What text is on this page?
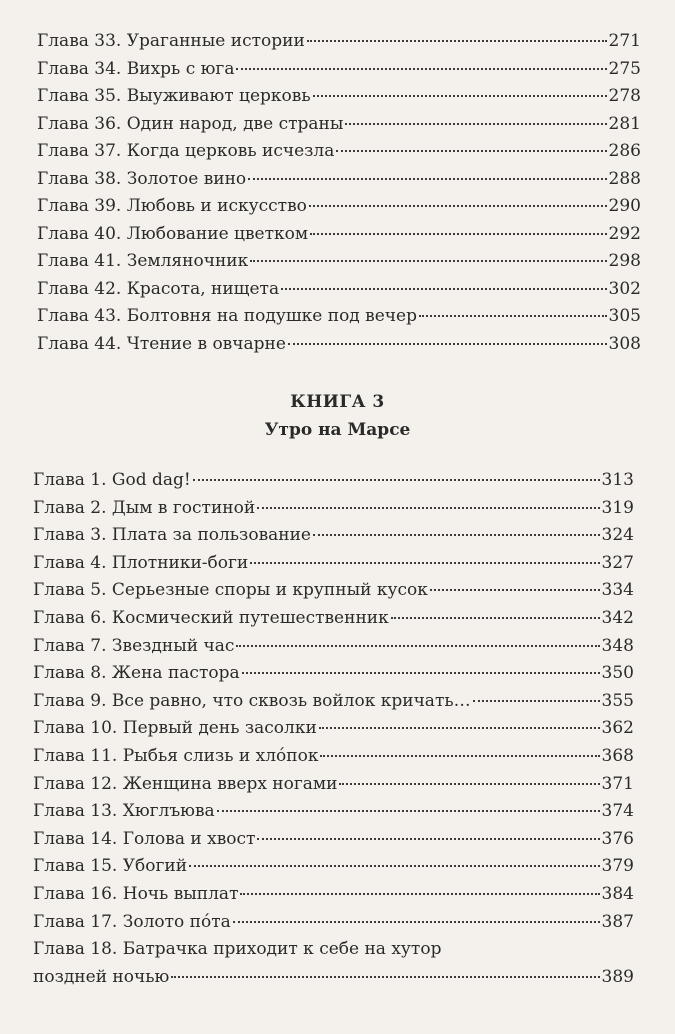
Глава 33. Ураганные истории	271
Глава 34. Вихрь с юга	275
Глава 35. Выуживают церковь	278
Глава 36. Один народ, две страны	281
Глава 37. Когда церковь исчезла	286
Глава 38. Золотое вино	288
Глава 39. Любовь и искусство	290
Глава 40. Любование цветком	292
Глава 41. Земляночник	298
Глава 42. Красота, нищета	302
Глава 43. Болтовня на подушке под вечер	305
Глава 44. Чтение в овчарне	308
КНИГА 3
Утро на Марсе
Глава 1. God dag!	313
Глава 2. Дым в гостиной	319
Глава 3. Плата за пользование	324
Глава 4. Плотники-боги	327
Глава 5. Серьезные споры и крупный кусок	334
Глава 6. Космический путешественник	342
Глава 7. Звездный час	348
Глава 8. Жена пастора	350
Глава 9. Все равно, что сквозь войлок кричать…	355
Глава 10. Первый день засолки	362
Глава 11. Рыбья слизь и хлóпок	368
Глава 12. Женщина вверх ногами	371
Глава 13. Хюглъюва	374
Глава 14. Голова и хвост	376
Глава 15. Убогий	379
Глава 16. Ночь выплат	384
Глава 17. Золото пóта	387
Глава 18. Батрачка приходит к себе на хутор
поздней ночью	389
